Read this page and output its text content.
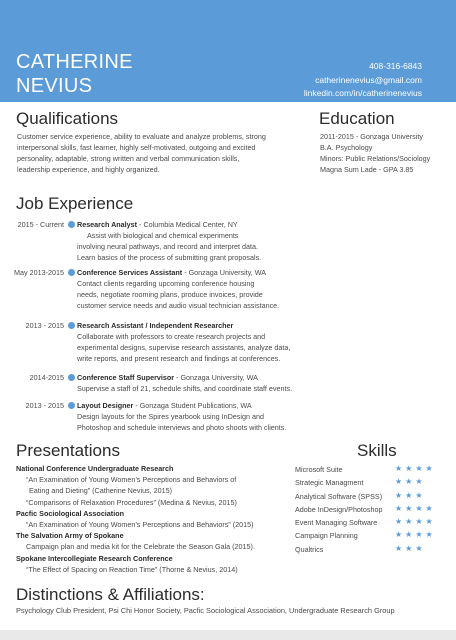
CATHERINE
NEVIUS
408-316-6843
catherinenevius@gmail.com
linkedin.com/in/catherinenevius
Qualifications
Customer service experience, ability to evaluate and analyze problems, strong
interpersonal skills, fast learner, highly self-motivated, outgoing and excited
personality, adaptable, strong written and verbal communication skills,
leadership experience, and highly organized.
Education
2011-2015 - Gonzaga University
B.A. Psychology
Minors: Public Relations/Sociology
Magna Sum Lade - GPA 3.85
Job Experience
2015 - Current Research Analyst - Columbia Medical Center, NY
Assist with biological and chemical experiments
involving neural pathways, and record and interpret data.
Learn basics of the process of submitting grant proposals.
May 2013-2015 Conference Services Assistant - Gonzaga University, WA
Contact clients regarding upcoming conference housing
needs, negotiate rooming plans, produce invoices, provide
customer service needs and audio visual technician assistance.
2013 - 2015 Research Assistant / Independent Researcher
Collaborate with professors to create research projects and
experimental designs, supervise research assistants, analyze data,
write reports, and present research and findings at conferences.
2014-2015 Conference Staff Supervisor - Gonzaga University, WA
Supervise a staff of 21, schedule shifts, and coordinate staff events.
2013 - 2015 Layout Designer - Gonzaga Student Publications, WA
Design layouts for the Spires yearbook using InDesign and
Photoshop and schedule interviews and photo shoots with clients.
Presentations
National Conference Undergraduate Research
“An Examination of Young Women’s Perceptions and Behaviors of
Eating and Dieting” (Catherine Nevius, 2015)
“Comparisons of Relaxation Procedures” (Medina & Nevius, 2015)
Pacfic Sociological Association
“An Examination of Young Women’s Perceptions and Behaviors” (2015)
The Salvation Army of Spokane
Campaign plan and media kit for the Celebrate the Season Gala (2015).
Spokane Intercollegiate Research Conference
“The Effect of Spacing on Reaction Time” (Thorne & Nevius, 2014)
Skills
Microsoft Suite	★★★★
Strategic Managment	★★★
Analytical Software (SPSS) ★★★
Adobe InDesign/Photoshop ★★★★
Event Managing Software ★★★★
Campaign Planning	★★★★
Qualtrics	★★★
Distinctions & Affiliations:
Psychology Club President, Psi Chi Honor Society, Pacfic Sociological Association, Undergraduate Research Group
